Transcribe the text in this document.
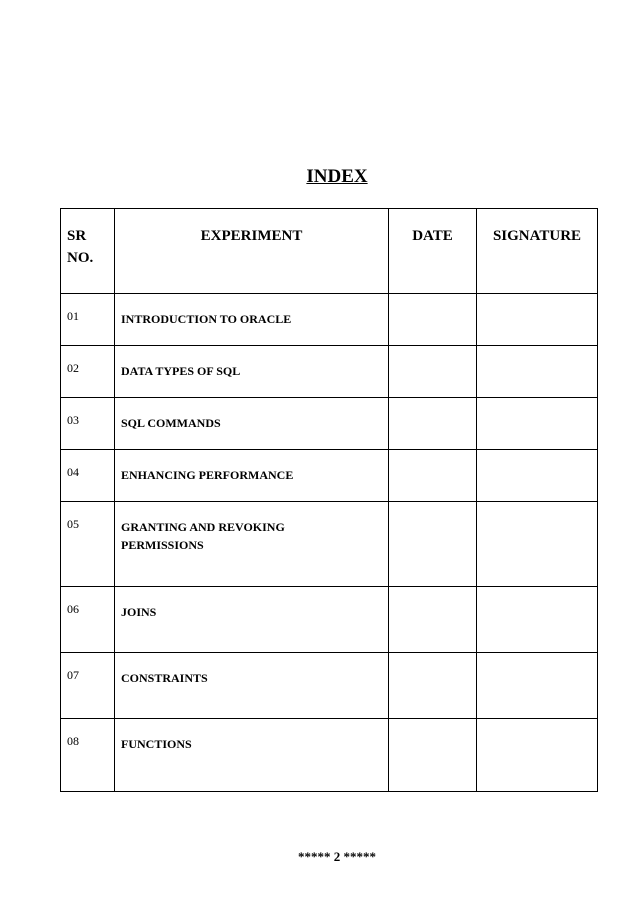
INDEX
SR
NO.	EXPERIMENT	DATE	SIGNATURE
01	INTRODUCTION TO ORACLE		
02	DATA TYPES OF SQL		
03	SQL COMMANDS		
04	ENHANCING PERFORMANCE		
05	GRANTING AND REVOKING
PERMISSIONS		
06	JOINS		
07	CONSTRAINTS		
08	FUNCTIONS		
***** 2 *****
